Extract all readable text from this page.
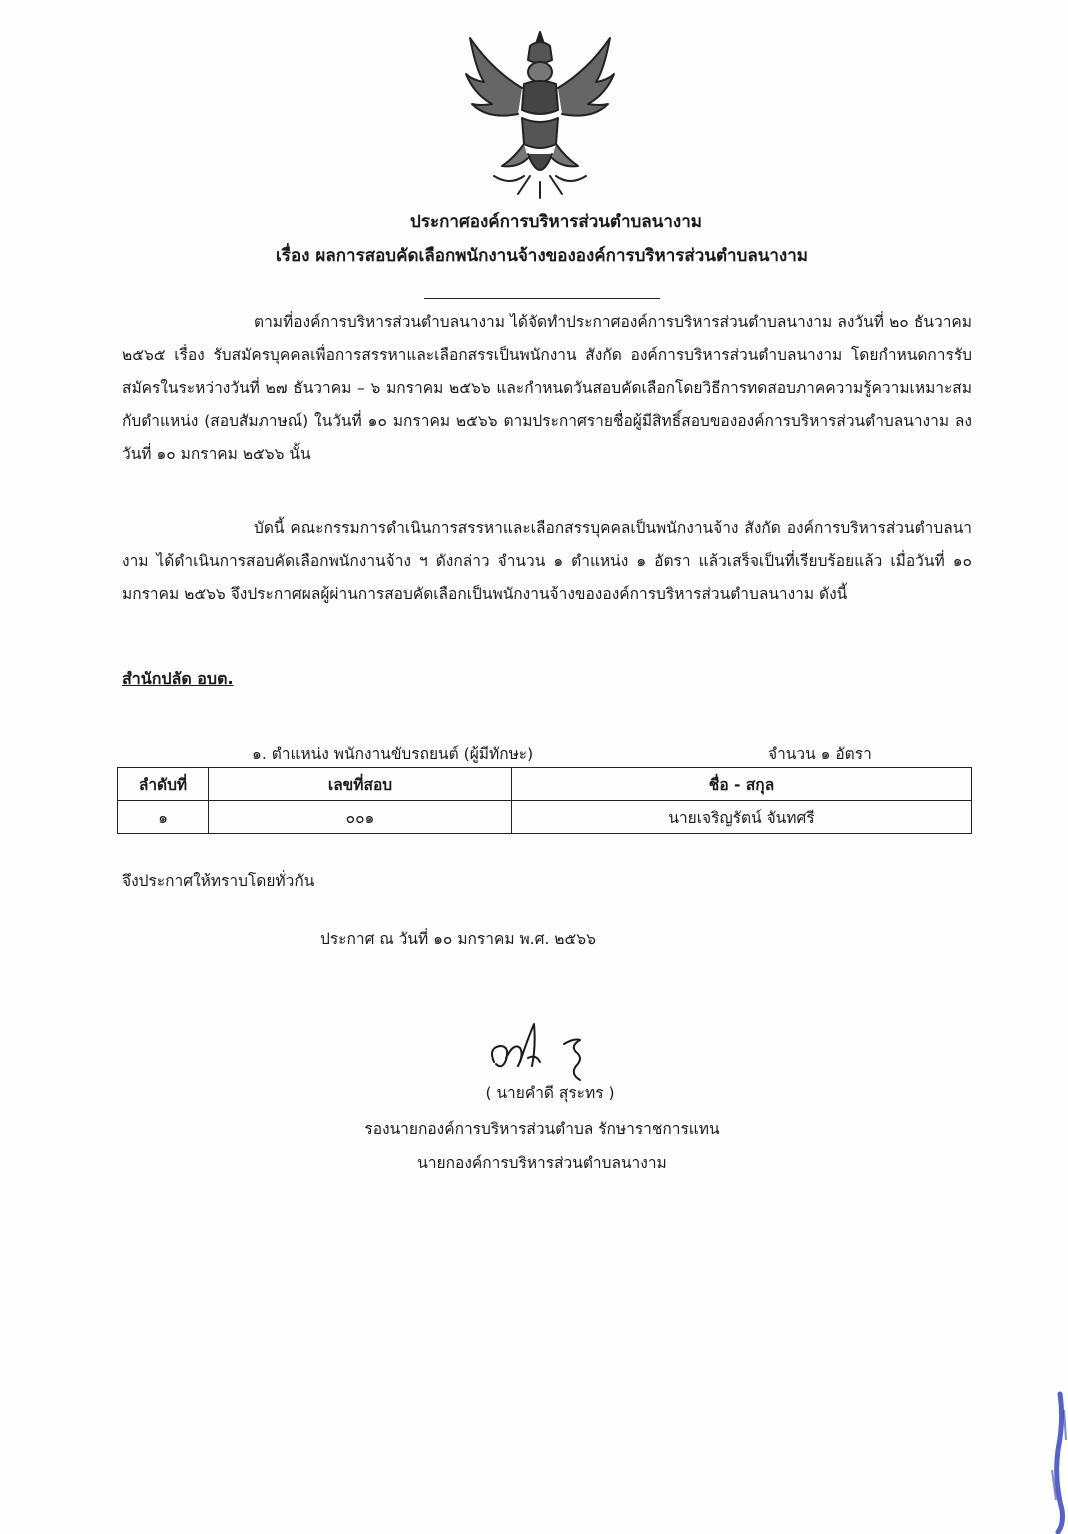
ประกาศองค์การบริหารส่วนตำบลนางาม
เรื่อง ผลการสอบคัดเลือกพนักงานจ้างขององค์การบริหารส่วนตำบลนางาม
ตามที่องค์การบริหารส่วนตำบลนางาม ได้จัดทำประกาศองค์การบริหารส่วนตำบลนางาม ลงวันที่ ๒๐ ธันวาคม ๒๕๖๕ เรื่อง รับสมัครบุคคลเพื่อการสรรหาและเลือกสรรเป็นพนักงาน สังกัด องค์การบริหารส่วนตำบลนางาม โดยกำหนดการรับสมัครในระหว่างวันที่ ๒๗ ธันวาคม – ๖ มกราคม ๒๕๖๖ และกำหนดวันสอบคัดเลือกโดยวิธีการทดสอบภาคความรู้ความเหมาะสมกับตำแหน่ง (สอบสัมภาษณ์) ในวันที่ ๑๐ มกราคม ๒๕๖๖ ตามประกาศรายชื่อผู้มีสิทธิ์สอบขององค์การบริหารส่วนตำบลนางาม ลงวันที่ ๑๐ มกราคม ๒๕๖๖ นั้น
บัดนี้ คณะกรรมการดำเนินการสรรหาและเลือกสรรบุคคลเป็นพนักงานจ้าง สังกัด องค์การบริหารส่วนตำบลนางาม ได้ดำเนินการสอบคัดเลือกพนักงานจ้าง ฯ ดังกล่าว จำนวน ๑ ตำแหน่ง ๑ อัตรา แล้วเสร็จเป็นที่เรียบร้อยแล้ว เมื่อวันที่ ๑๐ มกราคม ๒๕๖๖ จึงประกาศผลผู้ผ่านการสอบคัดเลือกเป็นพนักงานจ้างขององค์การบริหารส่วนตำบลนางาม ดังนี้
สำนักปลัด อบต.
๑. ตำแหน่ง พนักงานขับรถยนต์ (ผู้มีทักษะ)	จำนวน ๑ อัตรา
ลำดับที่	เลขที่สอบ	ชื่อ - สกุล
๑	๐๐๑	นายเจริญรัตน์ จันทศรี
จึงประกาศให้ทราบโดยทั่วกัน
ประกาศ ณ วันที่ ๑๐ มกราคม พ.ศ. ๒๕๖๖
( นายคำดี สุระทร )
รองนายกองค์การบริหารส่วนตำบล รักษาราชการแทน
นายกองค์การบริหารส่วนตำบลนางาม
